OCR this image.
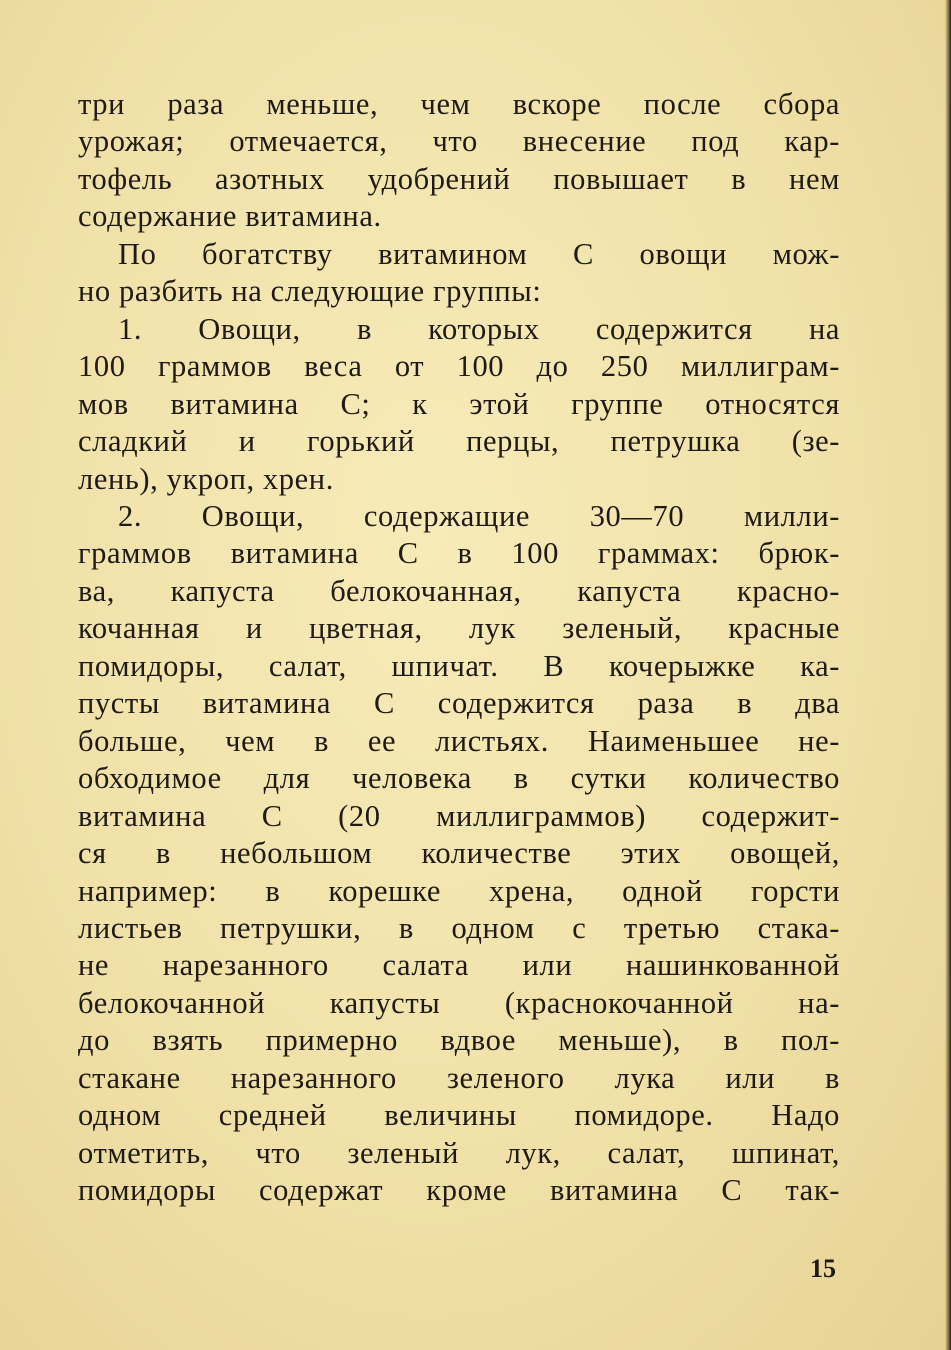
три раза меньше, чем вскоре после сбора
урожая; отмечается, что внесение под кар-
тофель азотных удобрений повышает в нем
содержание витамина.
По богатству витамином С овощи мож-
но разбить на следующие группы:
1. Овощи, в которых содержится на
100 граммов веса от 100 до 250 миллиграм-
мов витамина С; к этой группе относятся
сладкий и горький перцы, петрушка (зе-
лень), укроп, хрен.
2. Овощи, содержащие 30—70 милли-
граммов витамина С в 100 граммах: брюк-
ва, капуста белокочанная, капуста красно-
кочанная и цветная, лук зеленый, красные
помидоры, салат, шпичат. В кочерыжке ка-
пусты витамина С содержится раза в два
больше, чем в ее листьях. Наименьшее не-
обходимое для человека в сутки количество
витамина С (20 миллиграммов) содержит-
ся в небольшом количестве этих овощей,
например: в корешке хрена, одной горсти
листьев петрушки, в одном с третью стака-
не нарезанного салата или нашинкованной
белокочанной капусты (краснокочанной на-
до взять примерно вдвое меньше), в пол-
стакане нарезанного зеленого лука или в
одном средней величины помидоре. Надо
отметить, что зеленый лук, салат, шпинат,
помидоры содержат кроме витамина С так-
15
